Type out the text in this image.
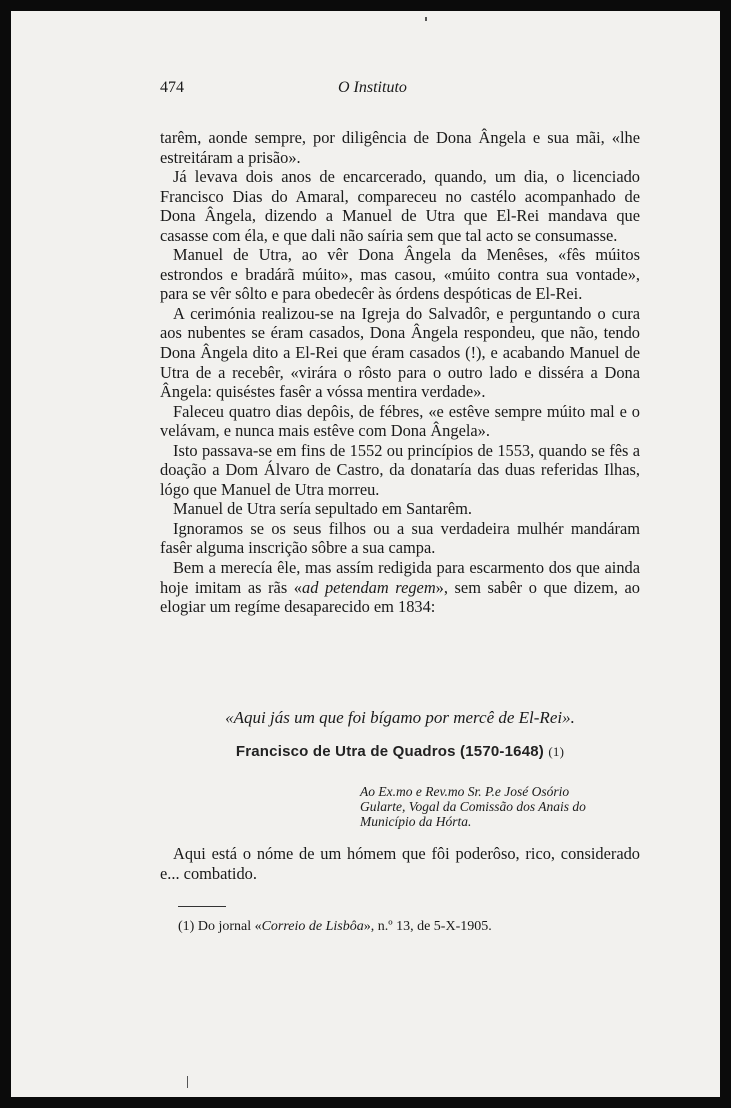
474	O Instituto

tarêm, aonde sempre, por diligência de Dona Ângela e sua mãi, «lhe estreitáram a prisão».

Já levava dois anos de encarcerado, quando, um dia, o licenciado Francisco Dias do Amaral, compareceu no castélo acompanhado de Dona Ângela, dizendo a Manuel de Utra que El-Rei mandava que casasse com éla, e que dali não saíria sem que tal acto se consumasse.

Manuel de Utra, ao vêr Dona Ângela da Menêses, «fês múitos estrondos e bradárã múito», mas casou, «múito contra sua vontade», para se vêr sôlto e para obedecêr às órdens despóticas de El-Rei.

A cerimónia realizou-se na Igreja do Salvadôr, e perguntando o cura aos nubentes se éram casados, Dona Ângela respondeu, que não, tendo Dona Ângela dito a El-Rei que éram casados (!), e acabando Manuel de Utra de a recebêr, «virára o rôsto para o outro lado e disséra a Dona Ângela: quiséstes fasêr a vóssa mentira verdade».

Faleceu quatro dias depôis, de fébres, «e estêve sempre múito mal e o velávam, e nunca mais estêve com Dona Ângela».

Isto passava-se em fins de 1552 ou princípios de 1553, quando se fês a doação a Dom Álvaro de Castro, da donataría das duas referidas Ilhas, lógo que Manuel de Utra morreu.

Manuel de Utra sería sepultado em Santarêm.

Ignoramos se os seus filhos ou a sua verdadeira mulhér mandáram fasêr alguma inscrição sôbre a sua campa.

Bem a merecía êle, mas assím redigida para escarmento dos que ainda hoje imitam as rãs «ad petendam regem», sem sabêr o que dizem, ao elogiar um regíme desaparecido em 1834:

«Aqui jás um que foi bígamo por mercê de El-Rei».
Francisco de Utra de Quadros (1570-1648) (1)
Ao Ex.mo e Rev.mo Sr. P.e José Osório
Gularte, Vogal da Comissão dos Anais do
Município da Hórta.

Aqui está o nóme de um hómem que fôi poderôso, rico, considerado e... combatido.

(1) Do jornal «Correio de Lisbôa», n.º 13, de 5-X-1905.
